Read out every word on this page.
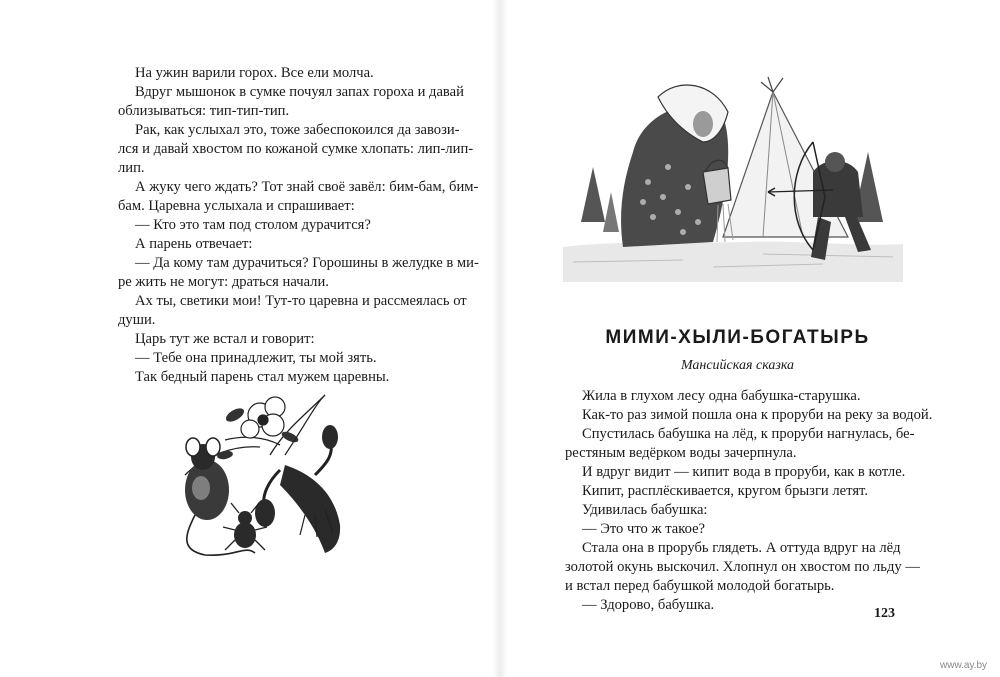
На ужин варили горох. Все ели молча.
Вдруг мышонок в сумке почуял запах гороха и давай
облизываться: тип-тип-тип.
Рак, как услыхал это, тоже забеспокоился да завози-
лся и давай хвостом по кожаной сумке хлопать: лип-лип-
лип.
А жуку чего ждать? Тот знай своё завёл: бим-бам, бим-
бам. Царевна услыхала и спрашивает:
— Кто это там под столом дурачится?
А парень отвечает:
— Да кому там дурачиться? Горошины в желудке в ми-
ре жить не могут: драться начали.
Ах ты, светики мои! Тут-то царевна и рассмеялась от
души.
Царь тут же встал и говорит:
— Тебе она принадлежит, ты мой зять.
Так бедный парень стал мужем царевны.
МИМИ-ХЫЛИ-БОГАТЫРЬ
Мансийская сказка
Жила в глухом лесу одна бабушка-старушка.
Как-то раз зимой пошла она к проруби на реку за водой.
Спустилась бабушка на лёд, к проруби нагнулась, бе-
рестяным ведёрком воды зачерпнула.
И вдруг видит — кипит вода в проруби, как в котле.
Кипит, расплёскивается, кругом брызги летят.
Удивилась бабушка:
— Это что ж такое?
Стала она в прорубь глядеть. А оттуда вдруг на лёд
золотой окунь выскочил. Хлопнул он хвостом по льду —
и встал перед бабушкой молодой богатырь.
— Здорово, бабушка.
123
www.ay.by
